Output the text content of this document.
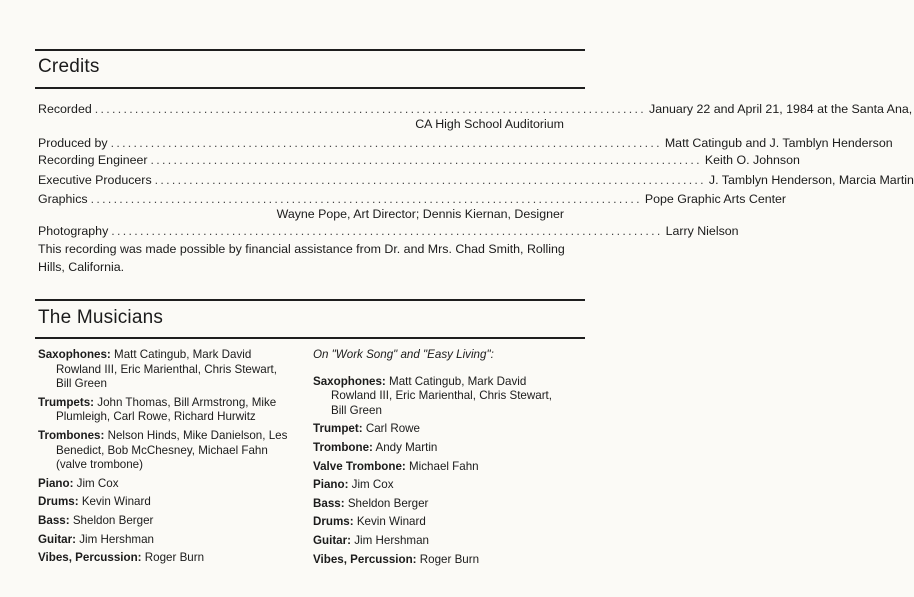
Credits
Recorded ................................................................................................ January 22 and April 21, 1984 at the Santa Ana,
CA High School Auditorium
Produced by ................................................................................................ Matt Catingub and J. Tamblyn Henderson
Recording Engineer ................................................................................................ Keith O. Johnson
Executive Producers ................................................................................................ J. Tamblyn Henderson, Marcia Martin
Graphics ................................................................................................ Pope Graphic Arts Center
Wayne Pope, Art Director; Dennis Kiernan, Designer
Photography ................................................................................................ Larry Nielson
This recording was made possible by financial assistance from Dr. and Mrs. Chad Smith, Rolling Hills, California.
The Musicians
Saxophones: Matt Catingub, Mark David
Rowland III, Eric Marienthal, Chris Stewart,
Bill Green
Trumpets: John Thomas, Bill Armstrong, Mike
Plumleigh, Carl Rowe, Richard Hurwitz
Trombones: Nelson Hinds, Mike Danielson, Les
Benedict, Bob McChesney, Michael Fahn
(valve trombone)
Piano: Jim Cox
Drums: Kevin Winard
Bass: Sheldon Berger
Guitar: Jim Hershman
Vibes, Percussion: Roger Burn
On "Work Song" and "Easy Living":
Saxophones: Matt Catingub, Mark David
Rowland III, Eric Marienthal, Chris Stewart,
Bill Green
Trumpet: Carl Rowe
Trombone: Andy Martin
Valve Trombone: Michael Fahn
Piano: Jim Cox
Bass: Sheldon Berger
Drums: Kevin Winard
Guitar: Jim Hershman
Vibes, Percussion: Roger Burn
